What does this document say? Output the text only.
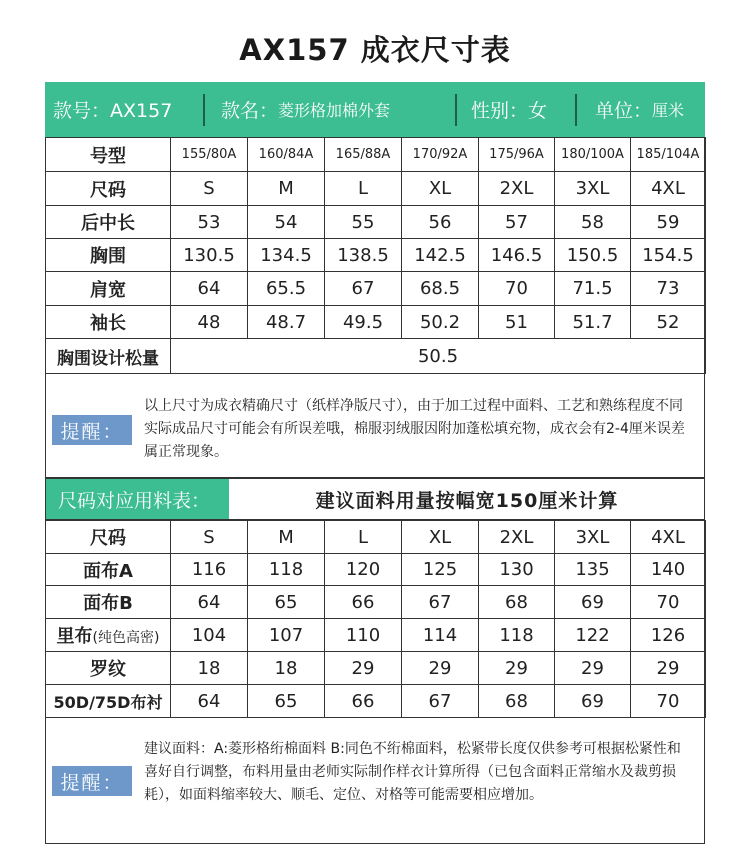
AX157 成衣尺寸表
款号：AX157	款名： 菱形格加棉外套	性别：女	单位： 厘米
号型	155/80A	160/84A	165/88A	170/92A	175/96A	180/100A	185/104A
尺码	S	M	L	XL	2XL	3XL	4XL
后中长	53	54	55	56	57	58	59
胸围	130.5	134.5	138.5	142.5	146.5	150.5	154.5
肩宽	64	65.5	67	68.5	70	71.5	73
袖长	48	48.7	49.5	50.2	51	51.7	52
胸围设计松量	50.5						
提醒：
以上尺寸为成衣精确尺寸（纸样净版尺寸），由于加工过程中面料、工艺和熟练程度不同实际成品尺寸可能会有所误差哦，棉服羽绒服因附加蓬松填充物，成衣会有2-4厘米误差属正常现象。
尺码对应用料表：	建议面料用量按幅宽150厘米计算
尺码	S	M	L	XL	2XL	3XL	4XL
面布A	116	118	120	125	130	135	140
面布B	64	65	66	67	68	69	70
里布(纯色高密)	104	107	110	114	118	122	126
罗纹	18	18	29	29	29	29	29
50D/75D布衬	64	65	66	67	68	69	70
提醒：
建议面料：A:菱形格绗棉面料 B:同色不绗棉面料，松紧带长度仅供参考可根据松紧性和喜好自行调整，布料用量由老师实际制作样衣计算所得（已包含面料正常缩水及裁剪损耗），如面料缩率较大、顺毛、定位、对格等可能需要相应增加。
